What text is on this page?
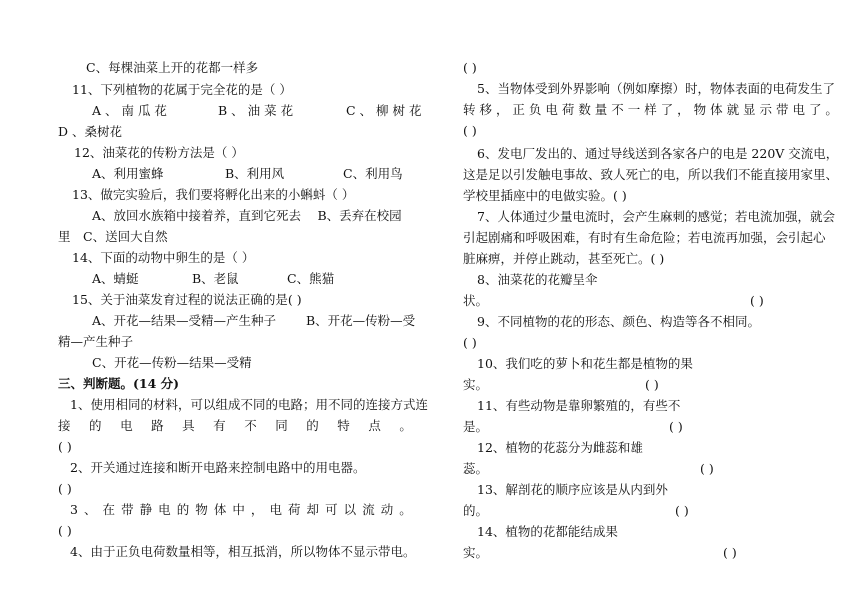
C、每棵油菜上开的花都一样多
11、下列植物的花属于完全花的是（ ）
A 、 南 瓜 花	B 、 油 菜 花	C 、 柳 树 花
D 、桑树花
12、油菜花的传粉方法是（ ）
A、利用蜜蜂	B、利用风	C、利用鸟
13、做完实验后，我们要将孵化出来的小蝌蚪（ ）
A、放回水族箱中接着养，直到它死去　 B、丢弃在校园
里　C、送回大自然
14、下面的动物中卵生的是（ ）
A、蜻蜓	B、老鼠	C、熊猫
15、关于油菜发育过程的说法正确的是( )
A、开花—结果—受精—产生种子 B、开花—传粉—受
精—产生种子
C、开花—传粉—结果—受精
三、判断题。(14 分)
1、使用相同的材料，可以组成不同的电路；用不同的连接方式连
接 的 电 路 具 有 不 同 的 特 点 。
( )
2、开关通过连接和断开电路来控制电路中的用电器。
( )
3 、 在 带 静 电 的 物 体 中 ， 电 荷 却 可 以 流 动 。
( )
4、由于正负电荷数量相等，相互抵消，所以物体不显示带电。
( )
5、当物体受到外界影响（例如摩擦）时，物体表面的电荷发生了
转 移 ， 正 负 电 荷 数 量 不 一 样 了 ， 物 体 就 显 示 带 电 了 。
( )
6、发电厂发出的、通过导线送到各家各户的电是 220V 交流电，
这是足以引发触电事故、致人死亡的电，所以我们不能直接用家里、
学校里插座中的电做实验。( )
7、人体通过少量电流时，会产生麻刺的感觉；若电流加强，就会
引起剧痛和呼吸困难，有时有生命危险；若电流再加强，会引起心
脏麻痹，并停止跳动，甚至死亡。( )
8、油菜花的花瓣呈伞
状。	( )
9、不同植物的花的形态、颜色、构造等各不相同。
( )
10、我们吃的萝卜和花生都是植物的果
实。	( )
11、有些动物是靠卵繁殖的，有些不
是。	( )
12、植物的花蕊分为雌蕊和雄
蕊。	( )
13、解剖花的顺序应该是从内到外
的。	( )
14、植物的花都能结成果
实。	( )
